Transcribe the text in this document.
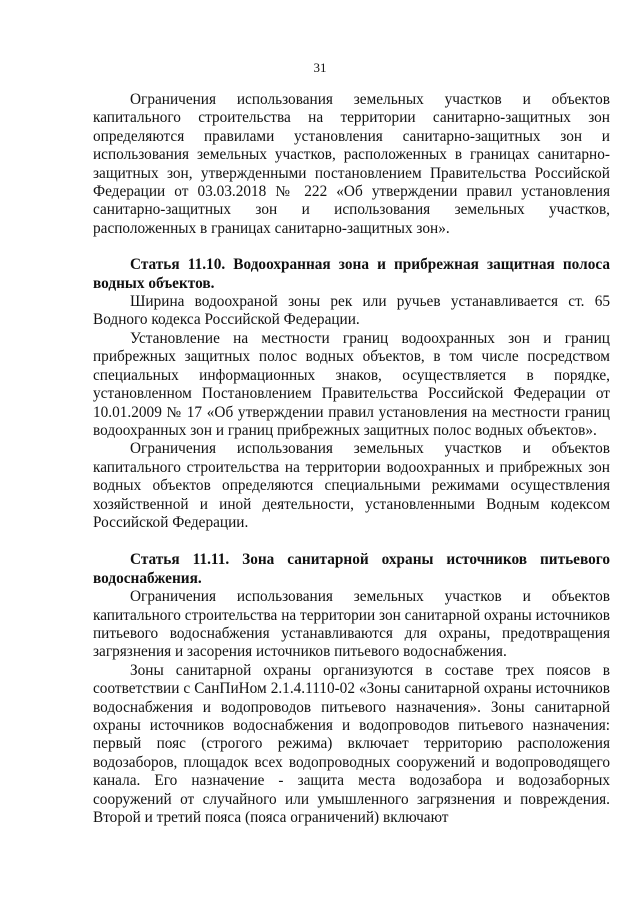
31

Ограничения использования земельных участков и объектов капитального строительства на территории санитарно-защитных зон определяются правилами установления санитарно-защитных зон и использования земельных участков, расположенных в границах санитарно-защитных зон, утвержденными постановлением Правительства Российской Федерации от 03.03.2018 № 222 «Об утверждении правил установления санитарно-защитных зон и использования земельных участков, расположенных в границах санитарно-защитных зон».

Статья 11.10. Водоохранная зона и прибрежная защитная полоса водных объектов.

Ширина водоохраной зоны рек или ручьев устанавливается ст. 65 Водного кодекса Российской Федерации.

Установление на местности границ водоохранных зон и границ прибрежных защитных полос водных объектов, в том числе посредством специальных информационных знаков, осуществляется в порядке, установленном Постановлением Правительства Российской Федерации от 10.01.2009 № 17 «Об утверждении правил установления на местности границ водоохранных зон и границ прибрежных защитных полос водных объектов».

Ограничения использования земельных участков и объектов капитального строительства на территории водоохранных и прибрежных зон водных объектов определяются специальными режимами осуществления хозяйственной и иной деятельности, установленными Водным кодексом Российской Федерации.

Статья 11.11. Зона санитарной охраны источников питьевого водоснабжения.

Ограничения использования земельных участков и объектов капитального строительства на территории зон санитарной охраны источников питьевого водоснабжения устанавливаются для охраны, предотвращения загрязнения и засорения источников питьевого водоснабжения.

Зоны санитарной охраны организуются в составе трех поясов в соответствии с СанПиНом 2.1.4.1110-02 «Зоны санитарной охраны источников водоснабжения и водопроводов питьевого назначения». Зоны санитарной охраны источников водоснабжения и водопроводов питьевого назначения: первый пояс (строгого режима) включает территорию расположения водозаборов, площадок всех водопроводных сооружений и водопроводящего канала. Его назначение - защита места водозабора и водозаборных сооружений от случайного или умышленного загрязнения и повреждения. Второй и третий пояса (пояса ограничений) включают
